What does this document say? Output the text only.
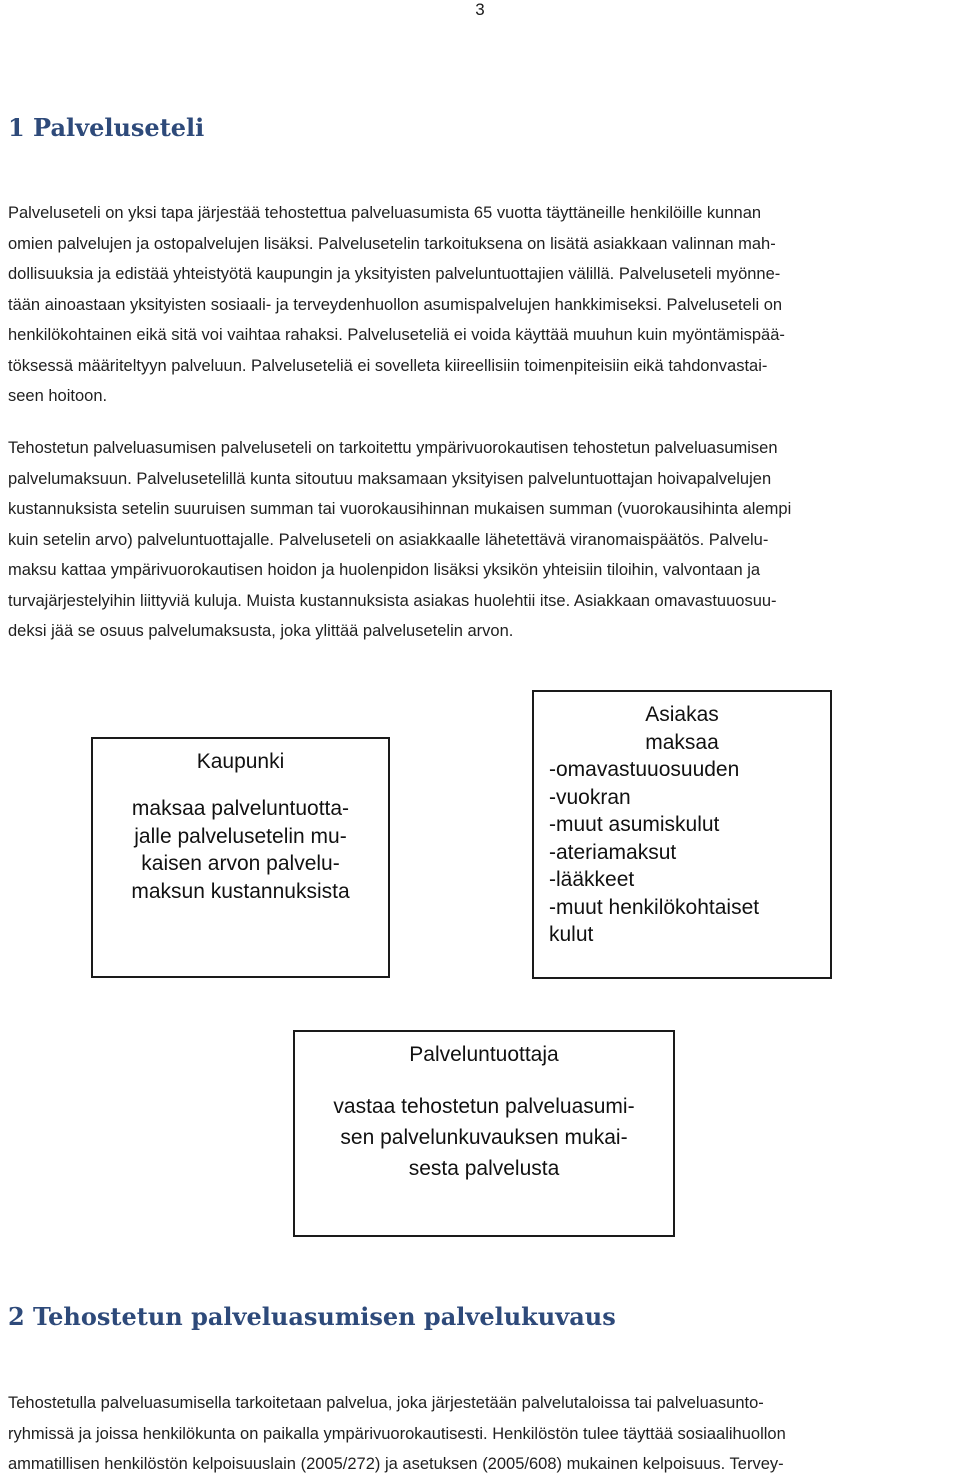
3
1 Palveluseteli
Palveluseteli on yksi tapa järjestää tehostettua palveluasumista 65 vuotta täyttäneille henkilöille kunnan
omien palvelujen ja ostopalvelujen lisäksi. Palvelusetelin tarkoituksena on lisätä asiakkaan valinnan mah-
dollisuuksia ja edistää yhteistyötä kaupungin ja yksityisten palveluntuottajien välillä. Palveluseteli myönne-
tään ainoastaan yksityisten sosiaali- ja terveydenhuollon asumispalvelujen hankkimiseksi. Palveluseteli on
henkilökohtainen eikä sitä voi vaihtaa rahaksi. Palveluseteliä ei voida käyttää muuhun kuin myöntämispää-
töksessä määriteltyyn palveluun. Palveluseteliä ei sovelleta kiireellisiin toimenpiteisiin eikä tahdonvastai-
seen hoitoon.
Tehostetun palveluasumisen palveluseteli on tarkoitettu ympärivuorokautisen tehostetun palveluasumisen
palvelumaksuun. Palvelusetelillä kunta sitoutuu maksamaan yksityisen palveluntuottajan hoivapalvelujen
kustannuksista setelin suuruisen summan tai vuorokausihinnan mukaisen summan (vuorokausihinta alempi
kuin setelin arvo) palveluntuottajalle. Palveluseteli on asiakkaalle lähetettävä viranomaispäätös. Palvelu-
maksu kattaa ympärivuorokautisen hoidon ja huolenpidon lisäksi yksikön yhteisiin tiloihin, valvontaan ja
turvajärjestelyihin liittyviä kuluja. Muista kustannuksista asiakas huolehtii itse. Asiakkaan omavastuuosuu-
deksi jää se osuus palvelumaksusta, joka ylittää palvelusetelin arvon.
Kaupunki
maksaa palveluntuotta-
jalle palvelusetelin mu-
kaisen arvon palvelu-
maksun kustannuksista
Asiakas
maksaa
-omavastuuosuuden
-vuokran
-muut asumiskulut
-ateriamaksut
-lääkkeet
-muut henkilökohtaiset
kulut
Palveluntuottaja
vastaa tehostetun palveluasumi-
sen palvelunkuvauksen mukai-
sesta palvelusta
2 Tehostetun palveluasumisen palvelukuvaus
Tehostetulla palveluasumisella tarkoitetaan palvelua, joka järjestetään palvelutaloissa tai palveluasunto-
ryhmissä ja joissa henkilökunta on paikalla ympärivuorokautisesti. Henkilöstön tulee täyttää sosiaalihuollon
ammatillisen henkilöstön kelpoisuuslain (2005/272) ja asetuksen (2005/608) mukainen kelpoisuus. Tervey-
